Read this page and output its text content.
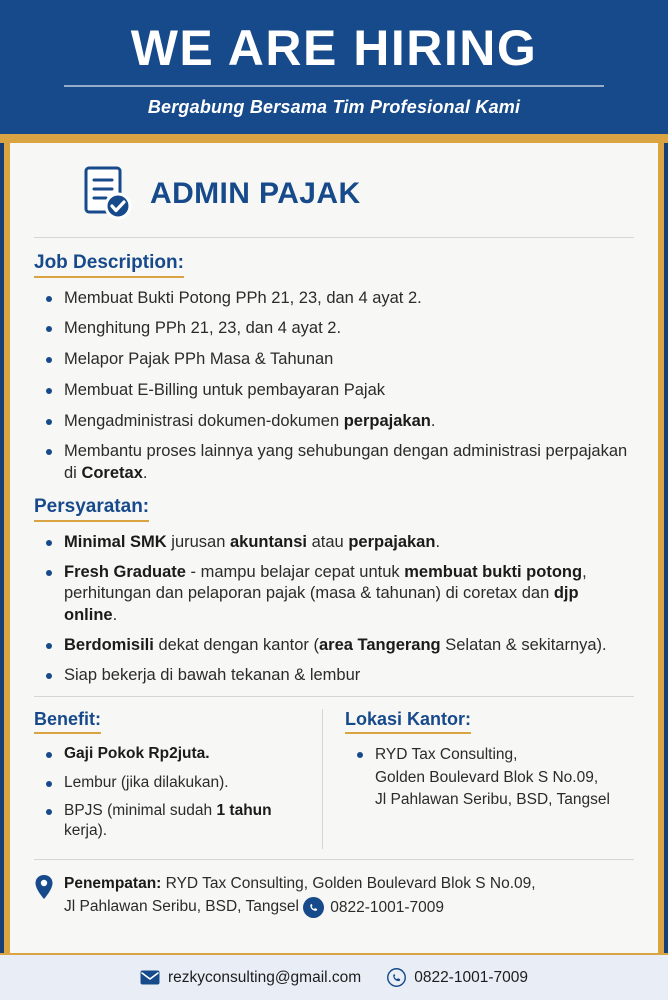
WE ARE HIRING
Bergabung Bersama Tim Profesional Kami
ADMIN PAJAK
Job Description:
Membuat Bukti Potong PPh 21, 23, dan 4 ayat 2.
Menghitung PPh 21, 23, dan 4 ayat 2.
Melapor Pajak PPh Masa & Tahunan
Membuat E-Billing untuk pembayaran Pajak
Mengadministrasi dokumen-dokumen perpajakan.
Membantu proses lainnya yang sehubungan dengan administrasi perpajakan di Coretax.
Persyaratan:
Minimal SMK jurusan akuntansi atau perpajakan.
Fresh Graduate - mampu belajar cepat untuk membuat bukti potong, perhitungan dan pelaporan pajak (masa & tahunan) di coretax dan djp online.
Berdomisili dekat dengan kantor (area Tangerang Selatan & sekitarnya).
Siap bekerja di bawah tekanan & lembur
Benefit:
Gaji Pokok Rp2juta.
Lembur (jika dilakukan).
BPJS (minimal sudah 1 tahun kerja).
Lokasi Kantor:
RYD Tax Consulting,
Golden Boulevard Blok S No.09,
Jl Pahlawan Seribu, BSD, Tangsel
Penempatan: RYD Tax Consulting, Golden Boulevard Blok S No.09,
Jl Pahlawan Seribu, BSD, Tangsel 0822-1001-7009
rezkyconsulting@gmail.com	0822-1001-7009
